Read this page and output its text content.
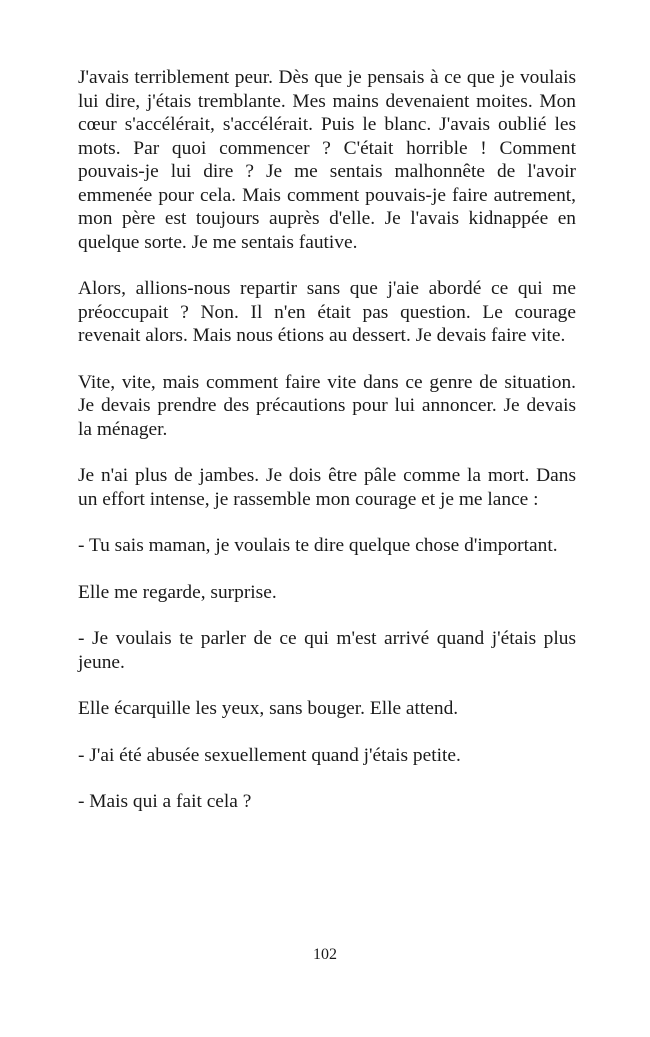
J'avais terriblement peur. Dès que je pensais à ce que je voulais lui dire, j'étais tremblante. Mes mains devenaient moites. Mon cœur s'accélérait, s'accélérait. Puis le blanc. J'avais oublié les mots. Par quoi commencer ? C'était horrible ! Comment pouvais-je lui dire ? Je me sentais malhonnête de l'avoir emmenée pour cela. Mais comment pouvais-je faire autrement, mon père est toujours auprès d'elle. Je l'avais kidnappée en quelque sorte. Je me sentais fautive.

Alors, allions-nous repartir sans que j'aie abordé ce qui me préoccupait ? Non. Il n'en était pas question. Le courage revenait alors. Mais nous étions au dessert. Je devais faire vite.

Vite, vite, mais comment faire vite dans ce genre de situation. Je devais prendre des précautions pour lui annoncer. Je devais la ménager.

Je n'ai plus de jambes. Je dois être pâle comme la mort. Dans un effort intense, je rassemble mon courage et je me lance :

- Tu sais maman, je voulais te dire quelque chose d'important.

Elle me regarde, surprise.

- Je voulais te parler de ce qui m'est arrivé quand j'étais plus jeune.

Elle écarquille les yeux, sans bouger. Elle attend.

- J'ai été abusée sexuellement quand j'étais petite.

- Mais qui a fait cela ?

102
